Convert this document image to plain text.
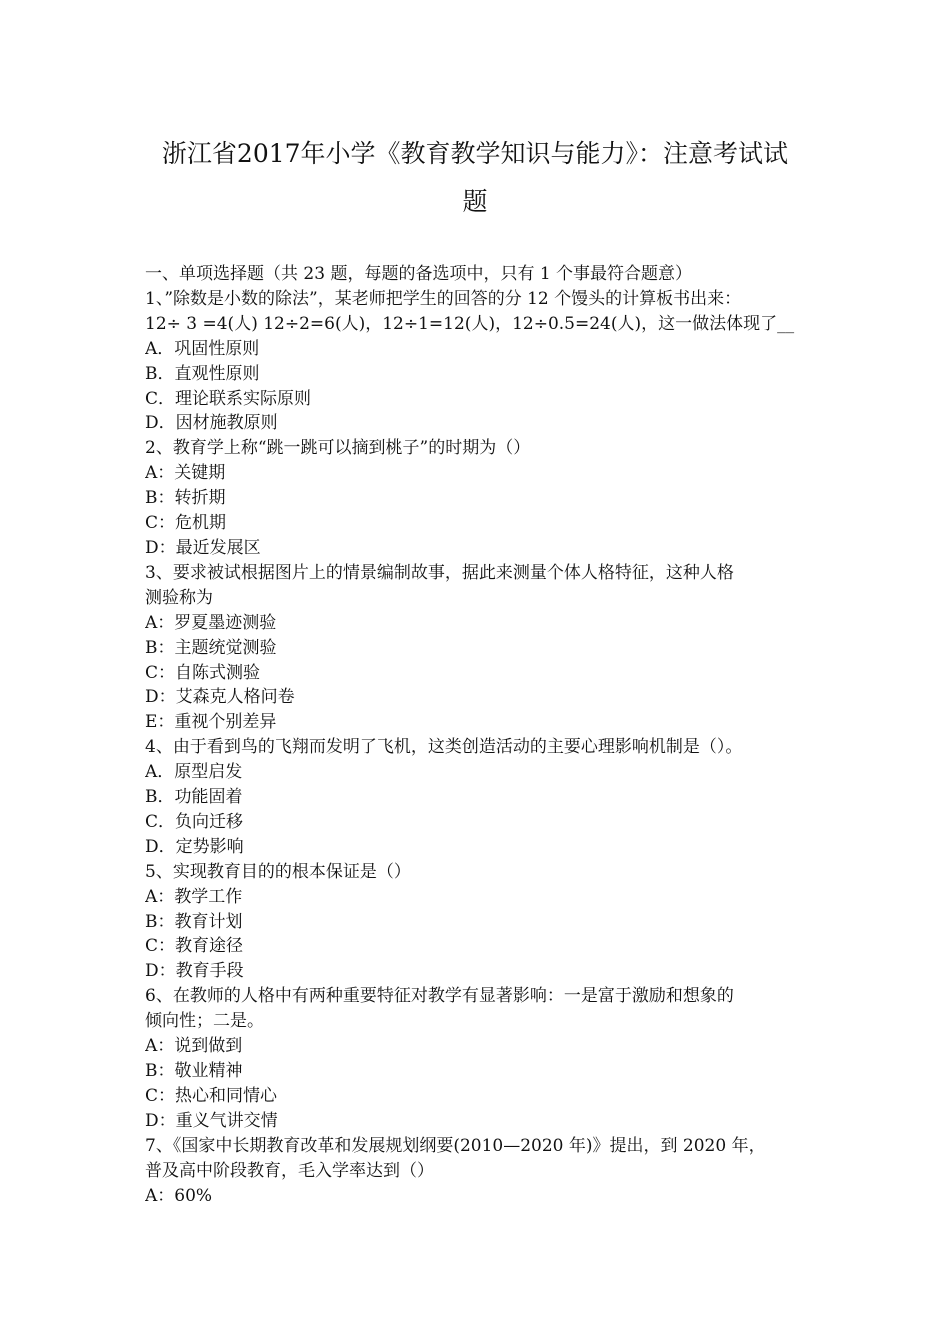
浙江省2017年小学《教育教学知识与能力》：注意考试试
题
一、单项选择题（共 23 题，每题的备选项中，只有 1 个事最符合题意）
1、”除数是小数的除法”，某老师把学生的回答的分 12 个馒头的计算板书出来：
12÷ 3 =4(人) 12÷2=6(人)，12÷1=12(人)，12÷0.5=24(人)，这一做法体现了__
A．巩固性原则
B．直观性原则
C．理论联系实际原则
D．因材施教原则
2、教育学上称“跳一跳可以摘到桃子”的时期为（）
A：关键期
B：转折期
C：危机期
D：最近发展区
3、要求被试根据图片上的情景编制故事，据此来测量个体人格特征，这种人格
测验称为
A：罗夏墨迹测验
B：主题统觉测验
C：自陈式测验
D：艾森克人格问卷
E：重视个别差异
4、由于看到鸟的飞翔而发明了飞机，这类创造活动的主要心理影响机制是（）。
A．原型启发
B．功能固着
C．负向迁移
D．定势影响
5、实现教育目的的根本保证是（）
A：教学工作
B：教育计划
C：教育途径
D：教育手段
6、在教师的人格中有两种重要特征对教学有显著影响：一是富于激励和想象的
倾向性；二是。
A：说到做到
B：敬业精神
C：热心和同情心
D：重义气讲交情
7、《国家中长期教育改革和发展规划纲要(2010—2020 年)》提出，到 2020 年，
普及高中阶段教育，毛入学率达到（）
A：60%
